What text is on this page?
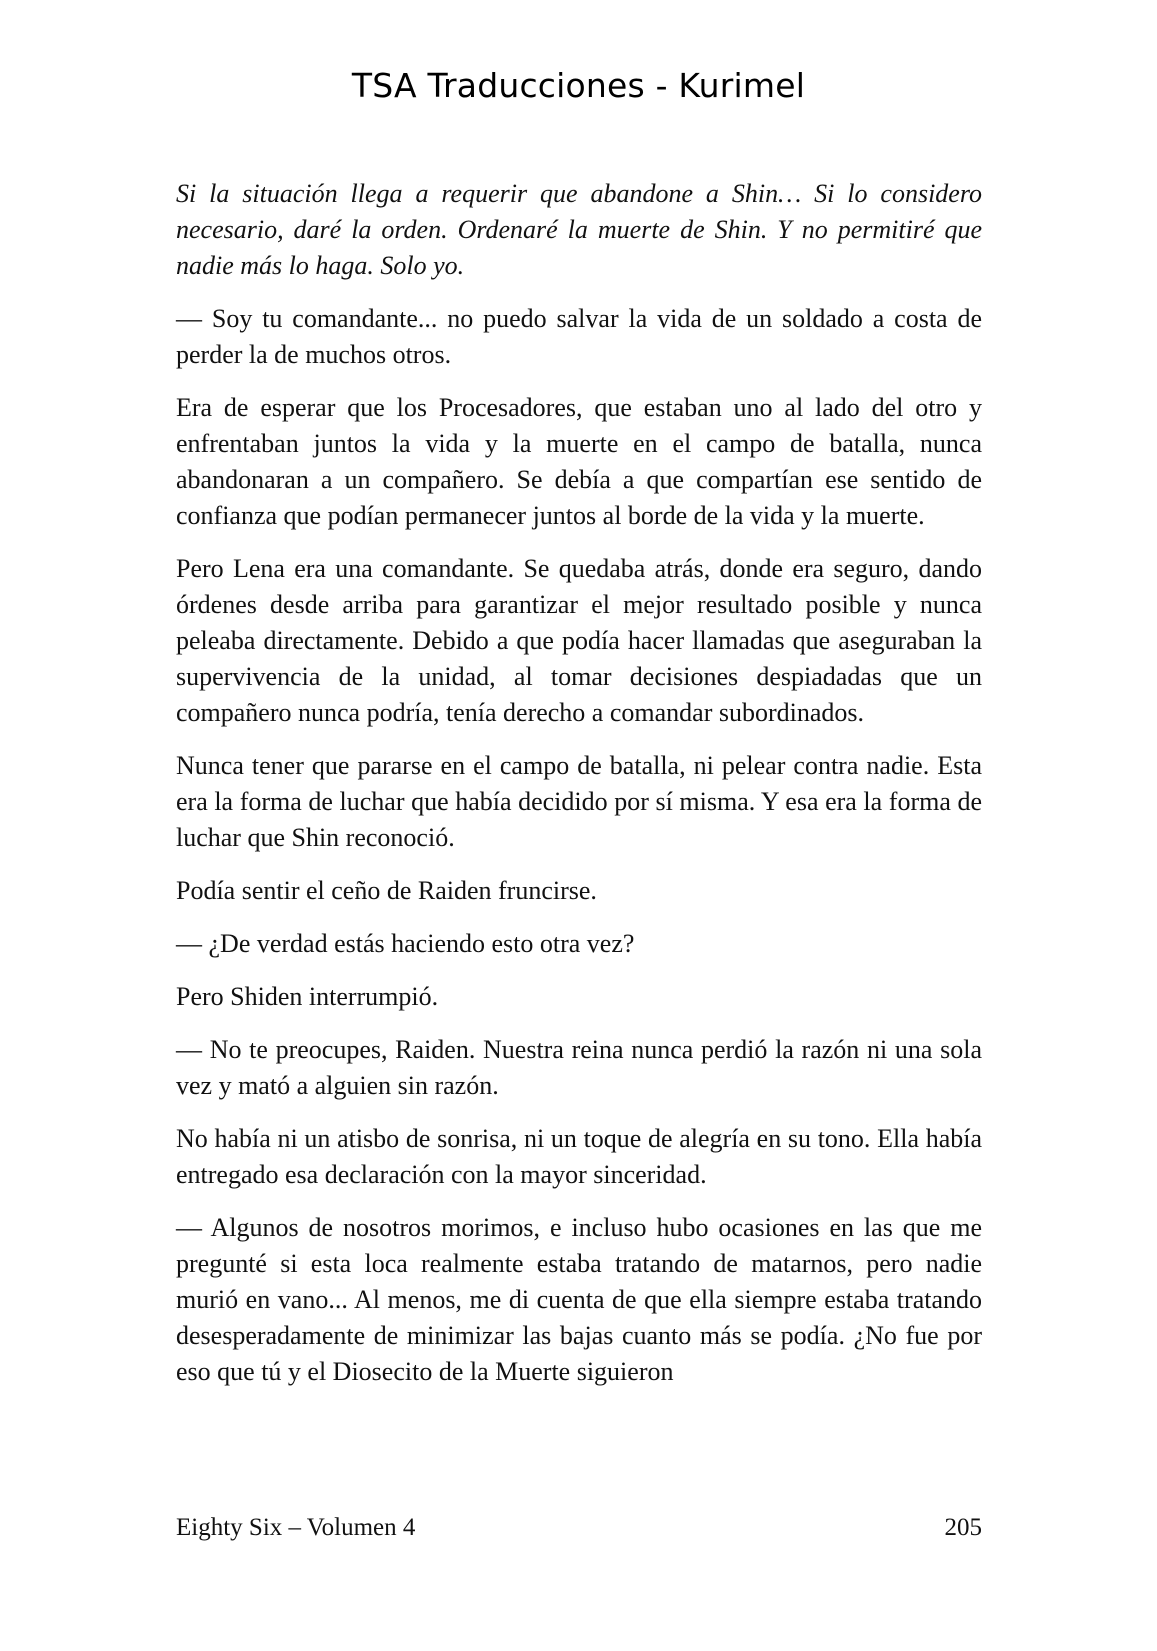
TSA Traducciones - Kurimel

Si la situación llega a requerir que abandone a Shin… Si lo considero necesario, daré la orden. Ordenaré la muerte de Shin. Y no permitiré que nadie más lo haga. Solo yo.

— Soy tu comandante... no puedo salvar la vida de un soldado a costa de perder la de muchos otros.

Era de esperar que los Procesadores, que estaban uno al lado del otro y enfrentaban juntos la vida y la muerte en el campo de batalla, nunca abandonaran a un compañero. Se debía a que compartían ese sentido de confianza que podían permanecer juntos al borde de la vida y la muerte.

Pero Lena era una comandante. Se quedaba atrás, donde era seguro, dando órdenes desde arriba para garantizar el mejor resultado posible y nunca peleaba directamente. Debido a que podía hacer llamadas que aseguraban la supervivencia de la unidad, al tomar decisiones despiadadas que un compañero nunca podría, tenía derecho a comandar subordinados.

Nunca tener que pararse en el campo de batalla, ni pelear contra nadie. Esta era la forma de luchar que había decidido por sí misma. Y esa era la forma de luchar que Shin reconoció.

Podía sentir el ceño de Raiden fruncirse.

— ¿De verdad estás haciendo esto otra vez?

Pero Shiden interrumpió.

— No te preocupes, Raiden. Nuestra reina nunca perdió la razón ni una sola vez y mató a alguien sin razón.

No había ni un atisbo de sonrisa, ni un toque de alegría en su tono. Ella había entregado esa declaración con la mayor sinceridad.

— Algunos de nosotros morimos, e incluso hubo ocasiones en las que me pregunté si esta loca realmente estaba tratando de matarnos, pero nadie murió en vano... Al menos, me di cuenta de que ella siempre estaba tratando desesperadamente de minimizar las bajas cuanto más se podía. ¿No fue por eso que tú y el Diosecito de la Muerte siguieron

Eighty Six – Volumen 4	205
